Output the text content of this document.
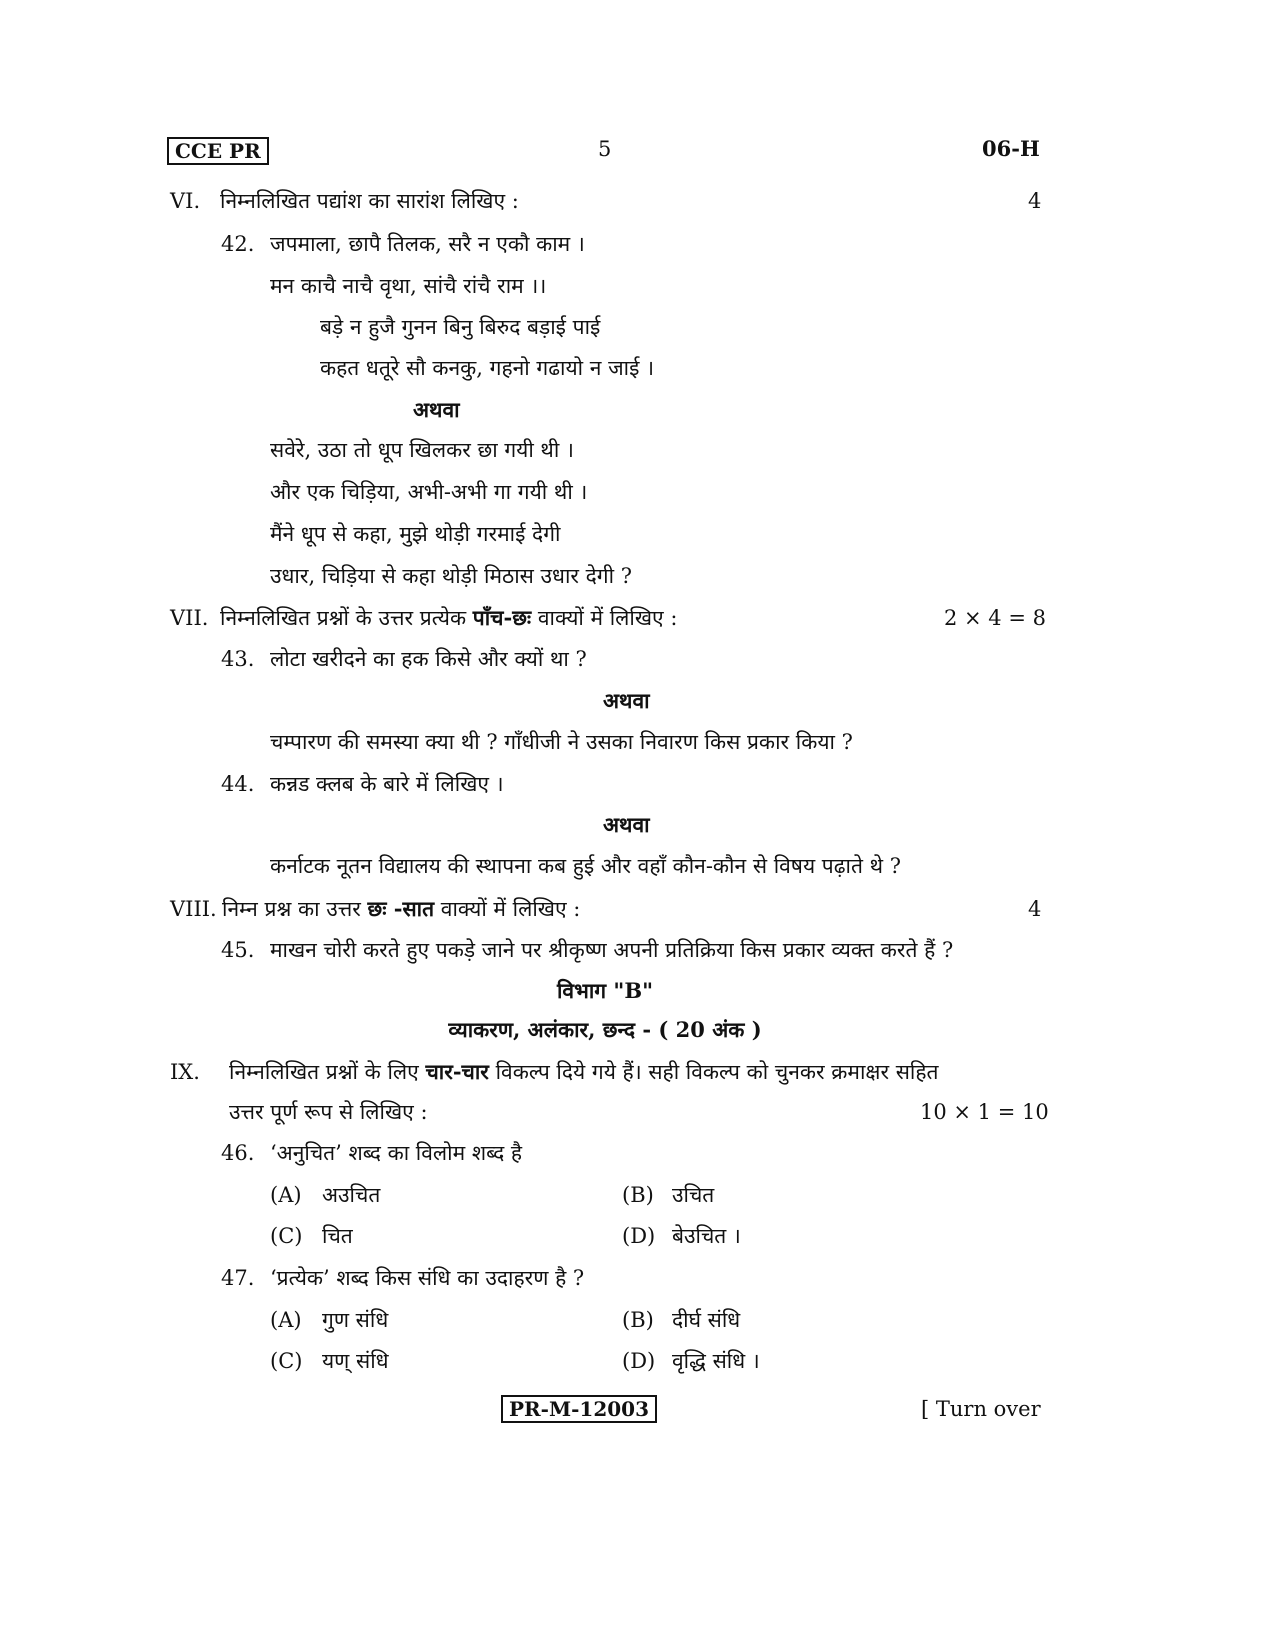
CCE PR	5	06-H
VI. निम्नलिखित पद्यांश का सारांश लिखिए :	4
42. जपमाला, छापै तिलक, सरै न एकौ काम ।
मन काचै नाचै वृथा, सांचै रांचै राम ।।
बड़े न हुजै गुनन बिनु बिरुद बड़ाई पाई
कहत धतूरे सौ कनकु, गहनो गढायो न जाई ।
अथवा
सवेरे, उठा तो धूप खिलकर छा गयी थी ।
और एक चिड़िया, अभी-अभी गा गयी थी ।
मैंने धूप से कहा, मुझे थोड़ी गरमाई देगी
उधार, चिड़िया से कहा थोड़ी मिठास उधार देगी ?
VII. निम्नलिखित प्रश्नों के उत्तर प्रत्येक पाँच-छः वाक्यों में लिखिए :	2 × 4 = 8
43. लोटा खरीदने का हक किसे और क्यों था ?
अथवा
चम्पारण की समस्या क्या थी ? गाँधीजी ने उसका निवारण किस प्रकार किया ?
44. कन्नड क्लब के बारे में लिखिए ।
अथवा
कर्नाटक नूतन विद्यालय की स्थापना कब हुई और वहाँ कौन-कौन से विषय पढ़ाते थे ?
VIII. निम्न प्रश्न का उत्तर छः -सात वाक्यों में लिखिए :	4
45. माखन चोरी करते हुए पकड़े जाने पर श्रीकृष्ण अपनी प्रतिक्रिया किस प्रकार व्यक्त करते हैं ?
विभाग "B"
व्याकरण, अलंकार, छन्द - ( 20 अंक )
IX. निम्नलिखित प्रश्नों के लिए चार-चार विकल्प दिये गये हैं। सही विकल्प को चुनकर क्रमाक्षर सहित
उत्तर पूर्ण रूप से लिखिए :	10 × 1 = 10
46. ‘अनुचित’ शब्द का विलोम शब्द है
(A) अउचित	(B) उचित
(C) चित	(D) बेउचित ।
47. ‘प्रत्येक’ शब्द किस संधि का उदाहरण है ?
(A) गुण संधि	(B) दीर्घ संधि
(C) यण् संधि	(D) वृद्धि संधि ।
PR-M-12003	[ Turn over
